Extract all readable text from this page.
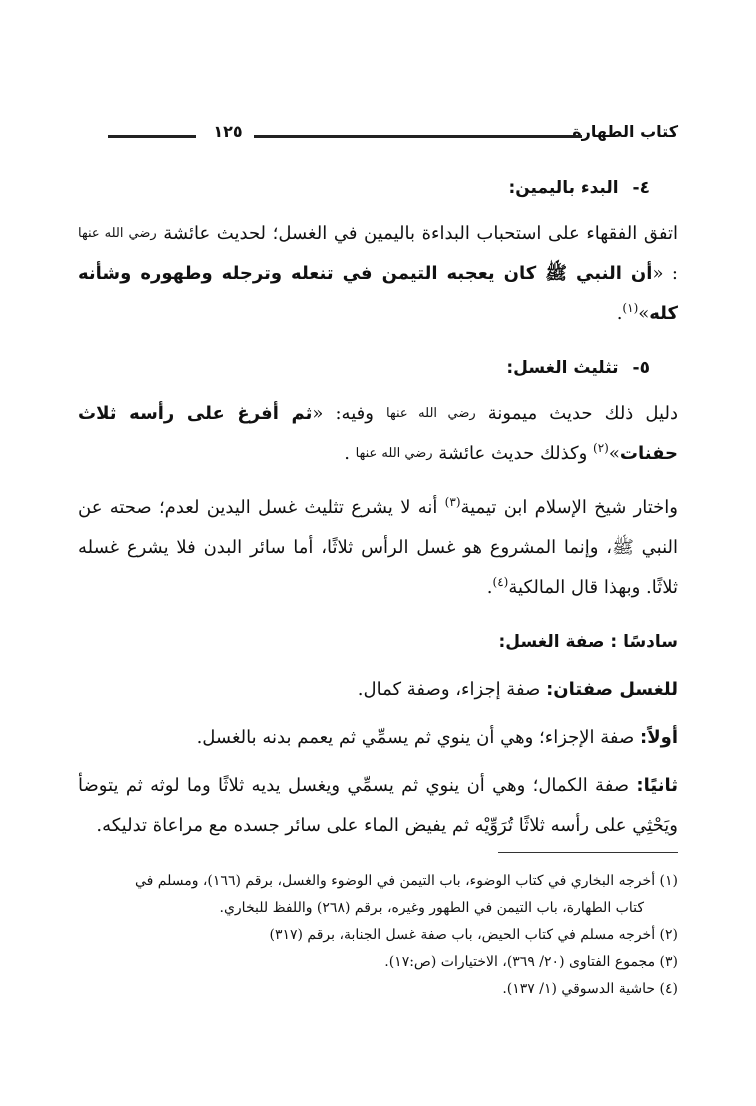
كتاب الطهارة
١٢٥
٤-البدء باليمين:

اتفق الفقهاء على استحباب البداءة باليمين في الغسل؛ لحديث عائشة رضي الله عنها : «أن النبي ﷺ كان يعجبه التيمن في تنعله وترجله وطهوره وشأنه كله»$^{(١)}$.

٥-تثليث الغسل:

دليل ذلك حديث ميمونة رضي الله عنها وفيه: «ثم أفرغ على رأسه ثلاث حفنات»$^{(٢)}$ وكذلك حديث عائشة رضي الله عنها .

واختار شيخ الإسلام ابن تيمية$^{(٣)}$ أنه لا يشرع تثليث غسل اليدين لعدم؛ صحته عن النبي ﷺ، وإنما المشروع هو غسل الرأس ثلاثًا، أما سائر البدن فلا يشرع غسله ثلاثًا. وبهذا قال المالكية$^{(٤)}$.

سادسًا : صفة الغسل:

للغسل صفتان: صفة إجزاء، وصفة كمال.

أولاً: صفة الإجزاء؛ وهي أن ينوي ثم يسمِّي ثم يعمم بدنه بالغسل.

ثانيًا: صفة الكمال؛ وهي أن ينوي ثم يسمِّي ويغسل يديه ثلاثًا وما لوثه ثم يتوضأ ويَحْثِي على رأسه ثلاثًا تُرَوِّيْه ثم يفيض الماء على سائر جسده مع مراعاة تدليكه.

(١) أخرجه البخاري في كتاب الوضوء، باب التيمن في الوضوء والغسل، برقم (١٦٦)، ومسلم في

كتاب الطهارة، باب التيمن في الطهور وغيره، برقم (٢٦٨) واللفظ للبخاري.

(٢) أخرجه مسلم في كتاب الحيض، باب صفة غسل الجنابة، برقم (٣١٧)

(٣) مجموع الفتاوى (٢٠/ ٣٦٩)، الاختيارات (ص:١٧).

(٤) حاشية الدسوقي (١/ ١٣٧).
